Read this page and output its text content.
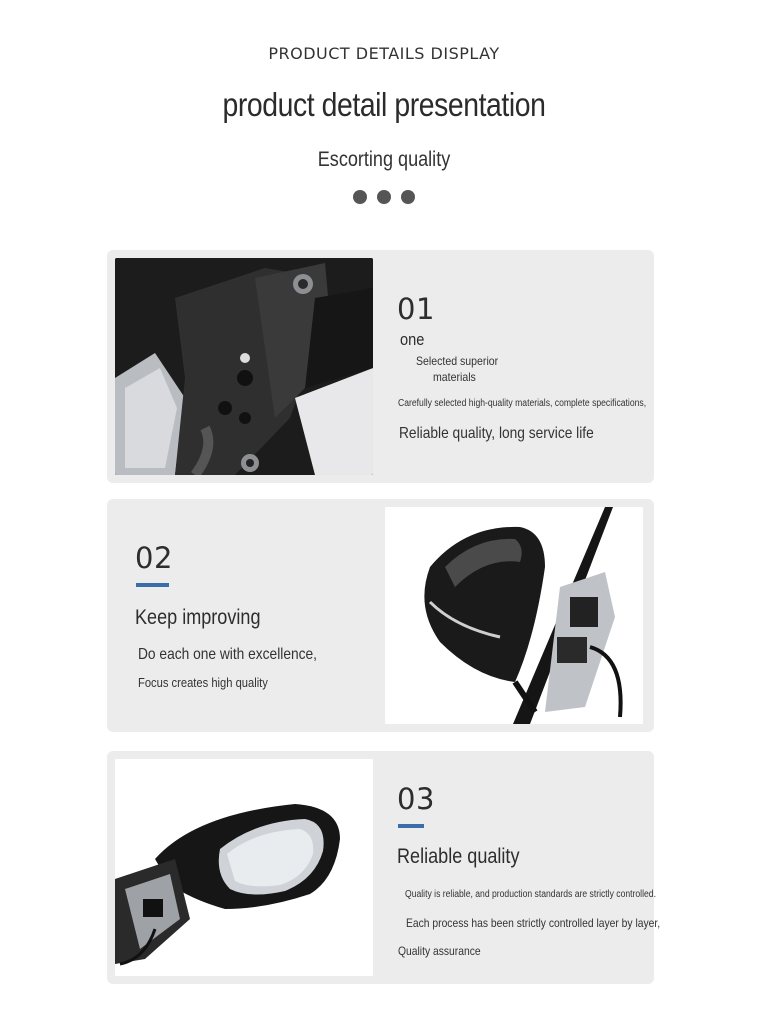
PRODUCT DETAILS DISPLAY
product detail presentation
Escorting quality
01
one
Selected superior
materials
Carefully selected high-quality materials, complete specifications,
Reliable quality, long service life
02
Keep improving
Do each one with excellence,
Focus creates high quality
03
Reliable quality
Quality is reliable, and production standards are strictly controlled.
Each process has been strictly controlled layer by layer,
Quality assurance
